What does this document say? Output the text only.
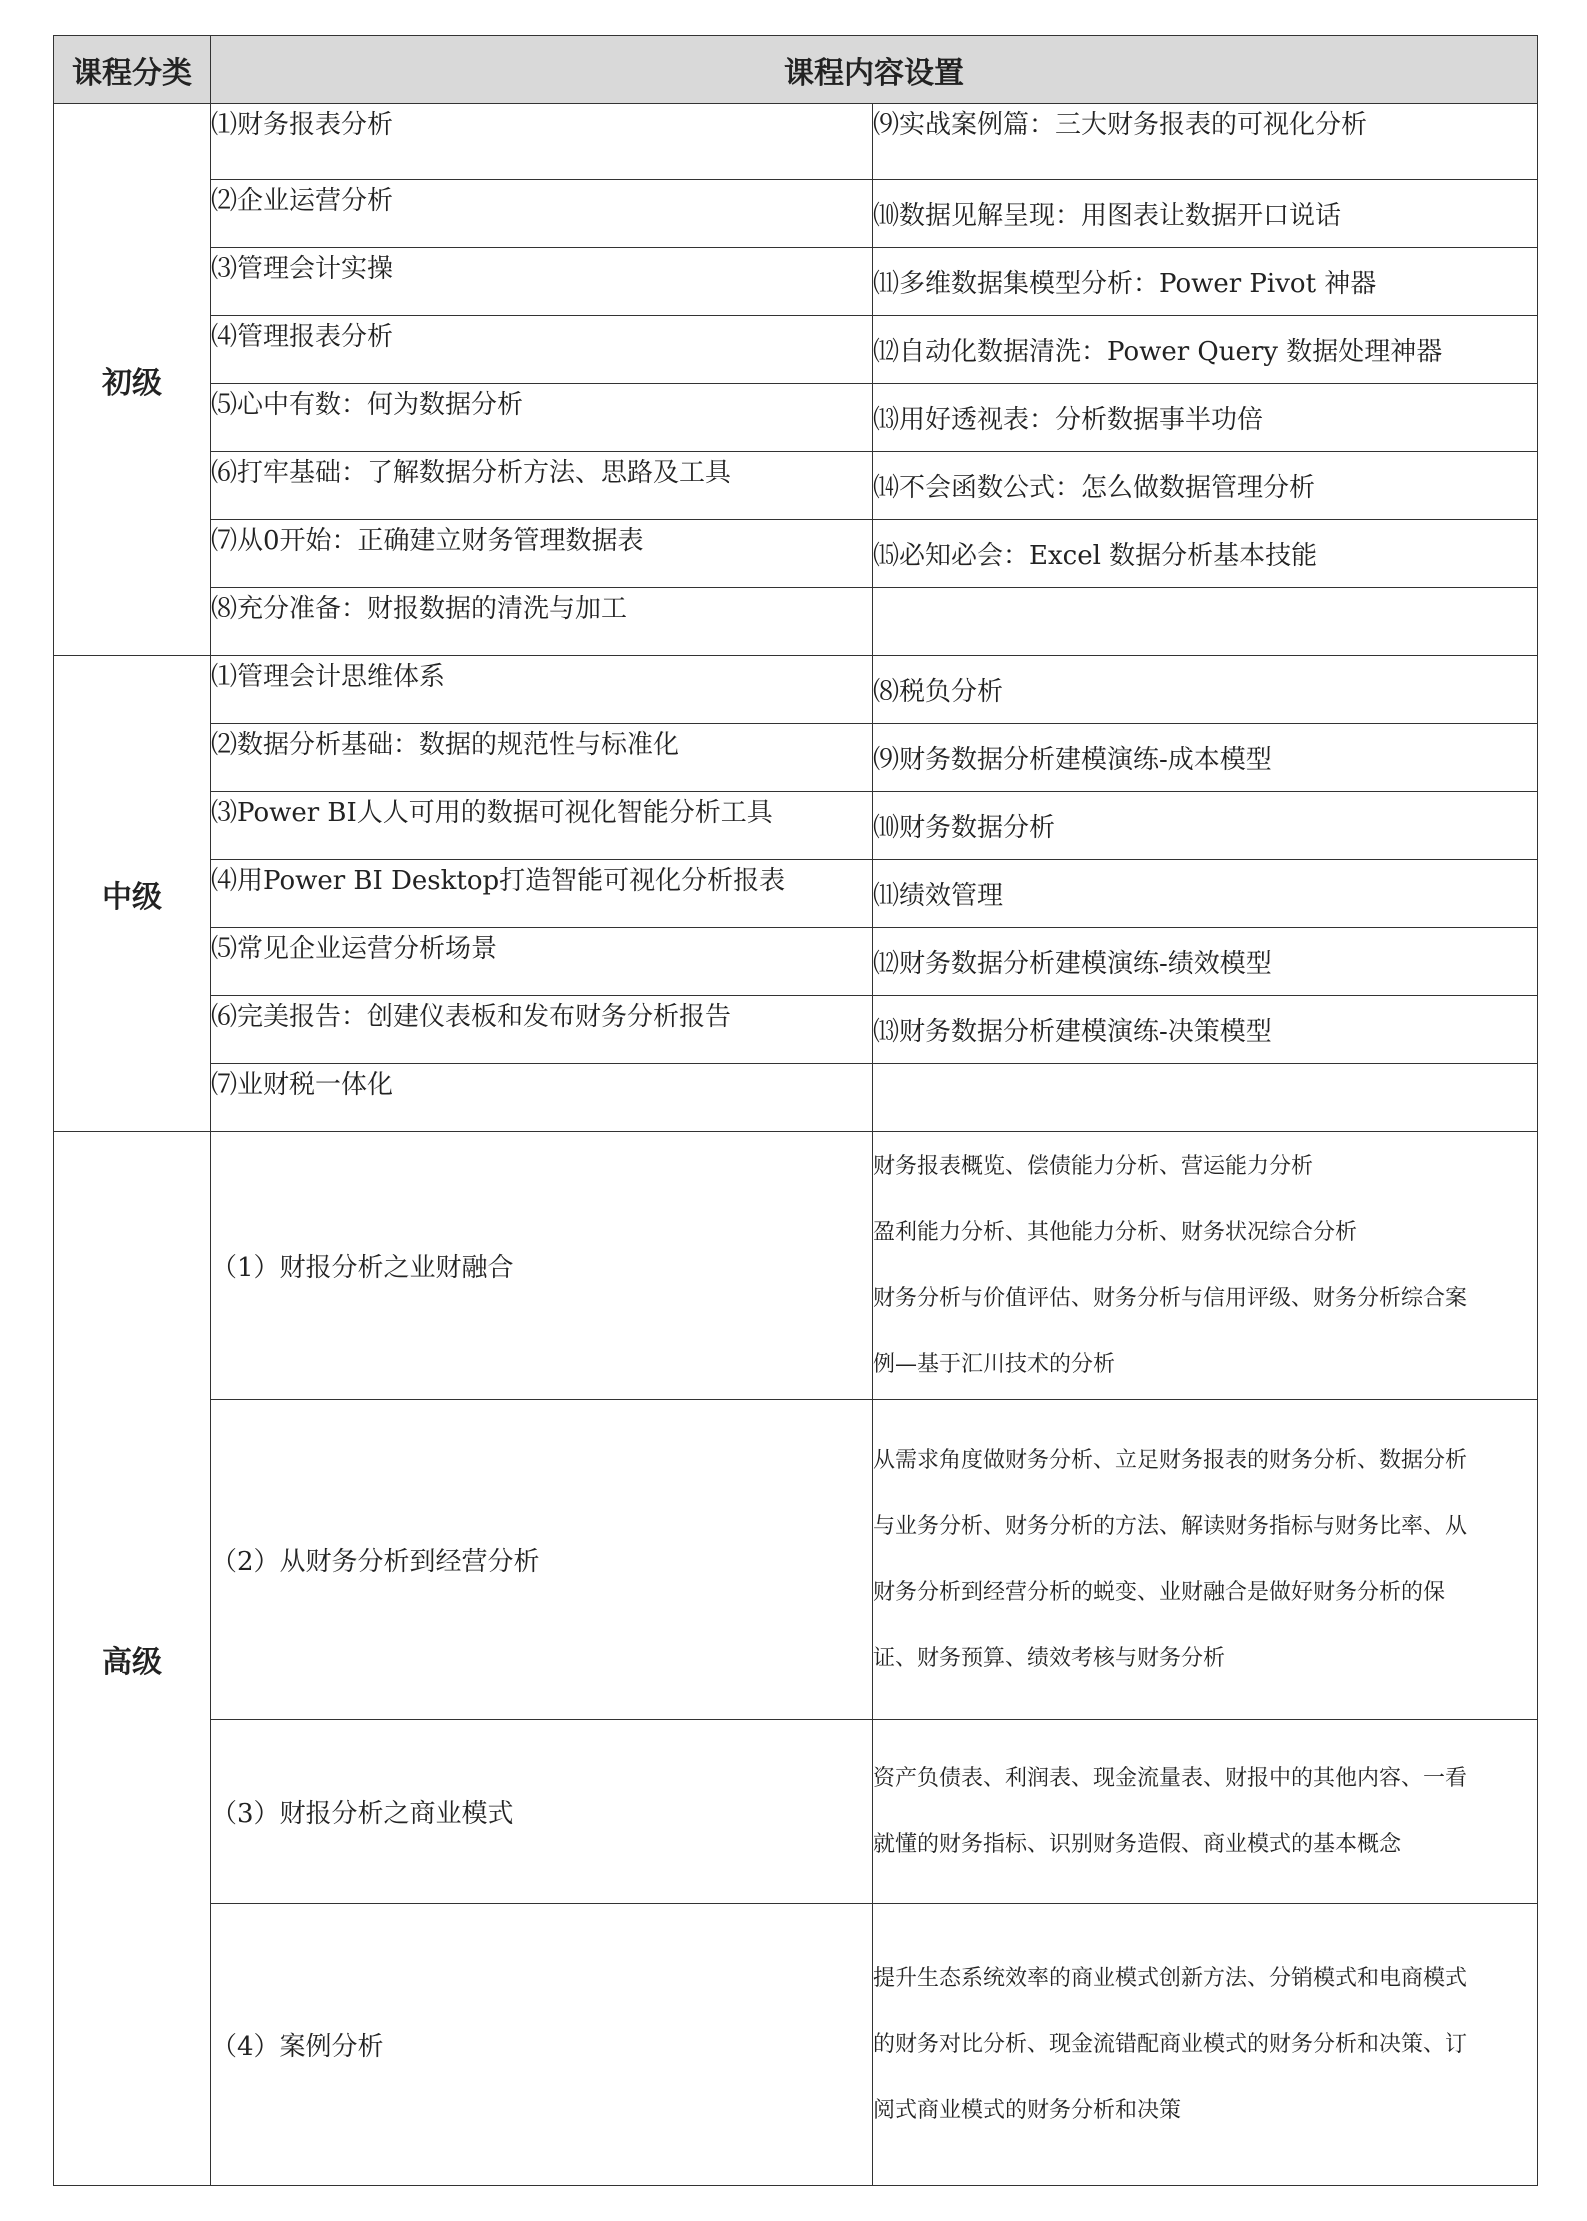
课程分类	课程内容设置	
初级	⑴财务报表分析	⑼实战案例篇：三大财务报表的可视化分析
	⑵企业运营分析	⑽数据见解呈现：用图表让数据开口说话
	⑶管理会计实操	⑾多维数据集模型分析：Power Pivot 神器
	⑷管理报表分析	⑿自动化数据清洗：Power Query 数据处理神器
	⑸心中有数：何为数据分析	⒀用好透视表：分析数据事半功倍
	⑹打牢基础：了解数据分析方法、思路及工具	⒁不会函数公式：怎么做数据管理分析
	⑺从0开始：正确建立财务管理数据表	⒂必知必会：Excel 数据分析基本技能
	⑻充分准备：财报数据的清洗与加工	
中级	⑴管理会计思维体系	⑻税负分析
	⑵数据分析基础：数据的规范性与标准化	⑼财务数据分析建模演练-成本模型
	⑶Power BI人人可用的数据可视化智能分析工具	⑽财务数据分析
	⑷用Power BI Desktop打造智能可视化分析报表	⑾绩效管理
	⑸常见企业运营分析场景	⑿财务数据分析建模演练-绩效模型
	⑹完美报告：创建仪表板和发布财务分析报告	⒀财务数据分析建模演练-决策模型
	⑺业财税一体化	
高级	（1）财报分析之业财融合	财务报表概览、偿债能力分析、营运能力分析
盈利能力分析、其他能力分析、财务状况综合分析
财务分析与价值评估、财务分析与信用评级、财务分析综合案
例—基于汇川技术的分析

	（2）从财务分析到经营分析	从需求角度做财务分析、立足财务报表的财务分析、数据分析
与业务分析、财务分析的方法、解读财务指标与财务比率、从
财务分析到经营分析的蜕变、业财融合是做好财务分析的保
证、财务预算、绩效考核与财务分析

	（3）财报分析之商业模式	资产负债表、利润表、现金流量表、财报中的其他内容、一看
就懂的财务指标、识别财务造假、商业模式的基本概念

	（4）案例分析	提升生态系统效率的商业模式创新方法、分销模式和电商模式
的财务对比分析、现金流错配商业模式的财务分析和决策、订
阅式商业模式的财务分析和决策
